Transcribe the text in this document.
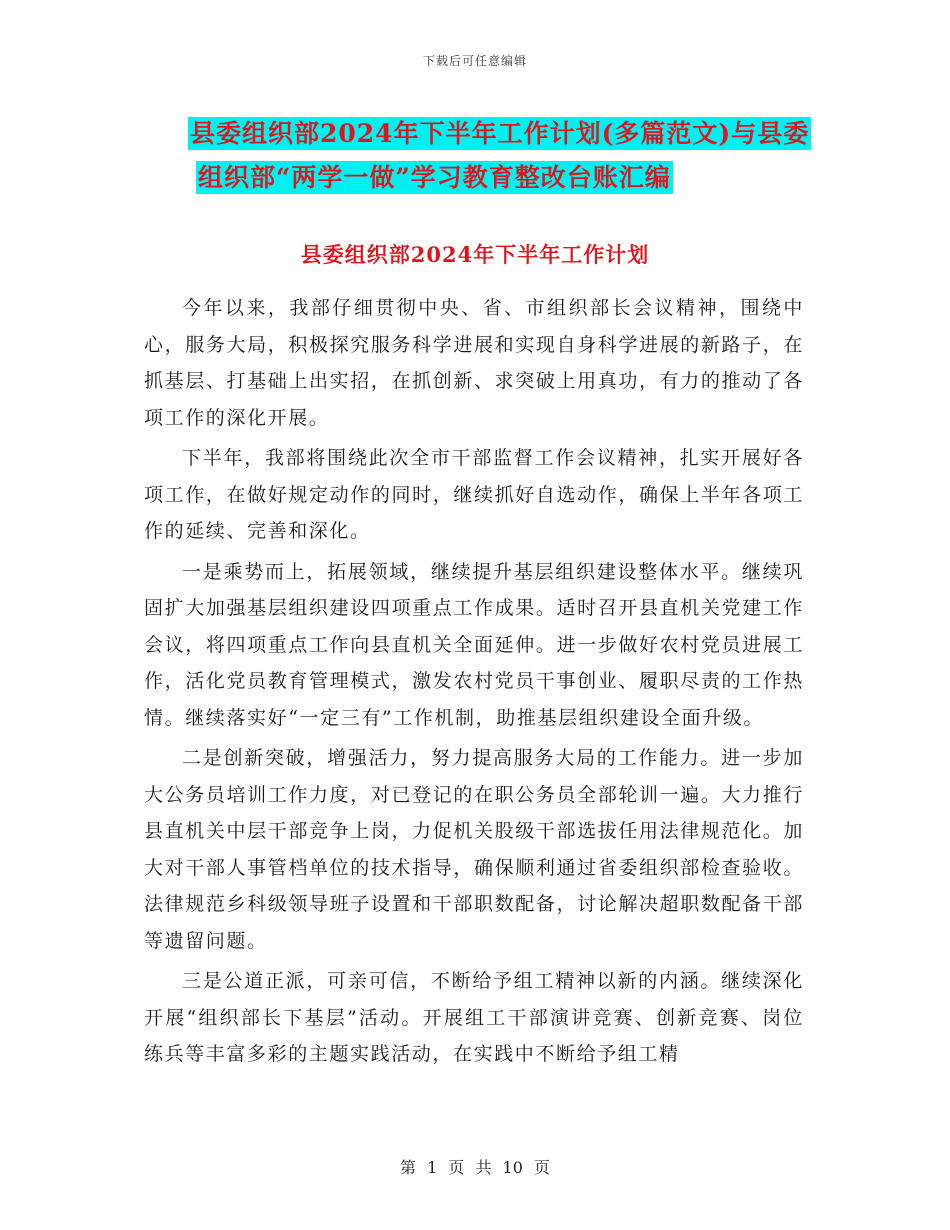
下载后可任意编辑
县委组织部2024年下半年工作计划(多篇范文)与县委
组织部“两学一做”学习教育整改台账汇编
县委组织部2024年下半年工作计划

今年以来，我部仔细贯彻中央、省、市组织部长会议精神，围绕中心，服务大局，积极探究服务科学进展和实现自身科学进展的新路子，在抓基层、打基础上出实招，在抓创新、求突破上用真功，有力的推动了各项工作的深化开展。

下半年，我部将围绕此次全市干部监督工作会议精神，扎实开展好各项工作，在做好规定动作的同时，继续抓好自选动作，确保上半年各项工作的延续、完善和深化。

一是乘势而上，拓展领域，继续提升基层组织建设整体水平。继续巩固扩大加强基层组织建设四项重点工作成果。适时召开县直机关党建工作会议，将四项重点工作向县直机关全面延伸。进一步做好农村党员进展工作，活化党员教育管理模式，激发农村党员干事创业、履职尽责的工作热情。继续落实好“一定三有”工作机制，助推基层组织建设全面升级。

二是创新突破，增强活力，努力提高服务大局的工作能力。进一步加大公务员培训工作力度，对已登记的在职公务员全部轮训一遍。大力推行县直机关中层干部竞争上岗，力促机关股级干部选拔任用法律规范化。加大对干部人事管档单位的技术指导，确保顺利通过省委组织部检查验收。法律规范乡科级领导班子设置和干部职数配备，讨论解决超职数配备干部等遗留问题。

三是公道正派，可亲可信，不断给予组工精神以新的内涵。继续深化开展“组织部长下基层”活动。开展组工干部演讲竞赛、创新竞赛、岗位练兵等丰富多彩的主题实践活动，在实践中不断给予组工精

第 1 页 共 10 页
